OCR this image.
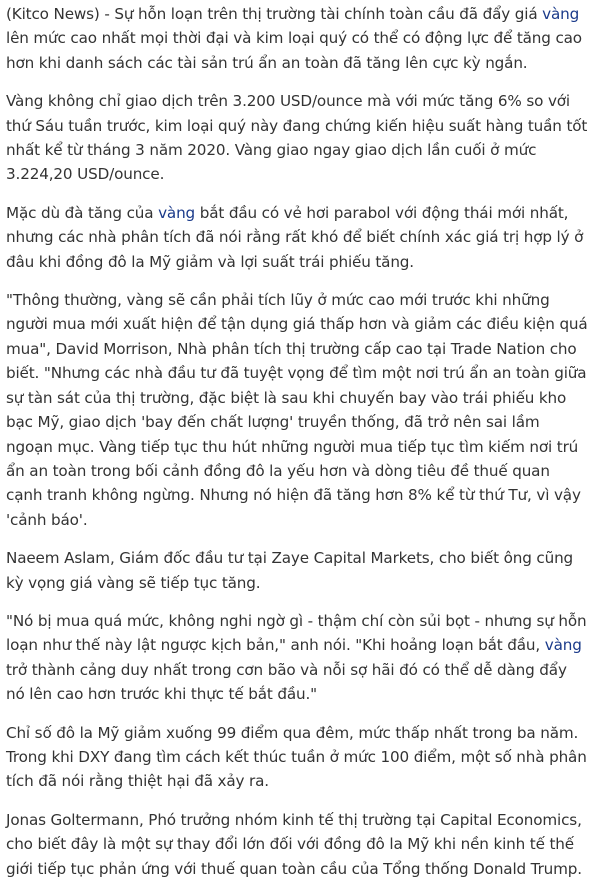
(Kitco News) - Sự hỗn loạn trên thị trường tài chính toàn cầu đã đẩy giá vàng lên mức cao nhất mọi thời đại và kim loại quý có thể có động lực để tăng cao hơn khi danh sách các tài sản trú ẩn an toàn đã tăng lên cực kỳ ngắn.

Vàng không chỉ giao dịch trên 3.200 USD/ounce mà với mức tăng 6% so với thứ Sáu tuần trước, kim loại quý này đang chứng kiến hiệu suất hàng tuần tốt nhất kể từ tháng 3 năm 2020. Vàng giao ngay giao dịch lần cuối ở mức 3.224,20 USD/ounce.

Mặc dù đà tăng của vàng bắt đầu có vẻ hơi parabol với động thái mới nhất, nhưng các nhà phân tích đã nói rằng rất khó để biết chính xác giá trị hợp lý ở đâu khi đồng đô la Mỹ giảm và lợi suất trái phiếu tăng.

"Thông thường, vàng sẽ cần phải tích lũy ở mức cao mới trước khi những người mua mới xuất hiện để tận dụng giá thấp hơn và giảm các điều kiện quá mua", David Morrison, Nhà phân tích thị trường cấp cao tại Trade Nation cho biết. "Nhưng các nhà đầu tư đã tuyệt vọng để tìm một nơi trú ẩn an toàn giữa sự tàn sát của thị trường, đặc biệt là sau khi chuyến bay vào trái phiếu kho bạc Mỹ, giao dịch 'bay đến chất lượng' truyền thống, đã trở nên sai lầm ngoạn mục. Vàng tiếp tục thu hút những người mua tiếp tục tìm kiếm nơi trú ẩn an toàn trong bối cảnh đồng đô la yếu hơn và dòng tiêu đề thuế quan cạnh tranh không ngừng. Nhưng nó hiện đã tăng hơn 8% kể từ thứ Tư, vì vậy 'cảnh báo'.

Naeem Aslam, Giám đốc đầu tư tại Zaye Capital Markets, cho biết ông cũng kỳ vọng giá vàng sẽ tiếp tục tăng.

"Nó bị mua quá mức, không nghi ngờ gì - thậm chí còn sủi bọt - nhưng sự hỗn loạn như thế này lật ngược kịch bản," anh nói. "Khi hoảng loạn bắt đầu, vàng trở thành cảng duy nhất trong cơn bão và nỗi sợ hãi đó có thể dễ dàng đẩy nó lên cao hơn trước khi thực tế bắt đầu."

Chỉ số đô la Mỹ giảm xuống 99 điểm qua đêm, mức thấp nhất trong ba năm. Trong khi DXY đang tìm cách kết thúc tuần ở mức 100 điểm, một số nhà phân tích đã nói rằng thiệt hại đã xảy ra.

Jonas Goltermann, Phó trưởng nhóm kinh tế thị trường tại Capital Economics, cho biết đây là một sự thay đổi lớn đối với đồng đô la Mỹ khi nền kinh tế thế giới tiếp tục phản ứng với thuế quan toàn cầu của Tổng thống Donald Trump.
